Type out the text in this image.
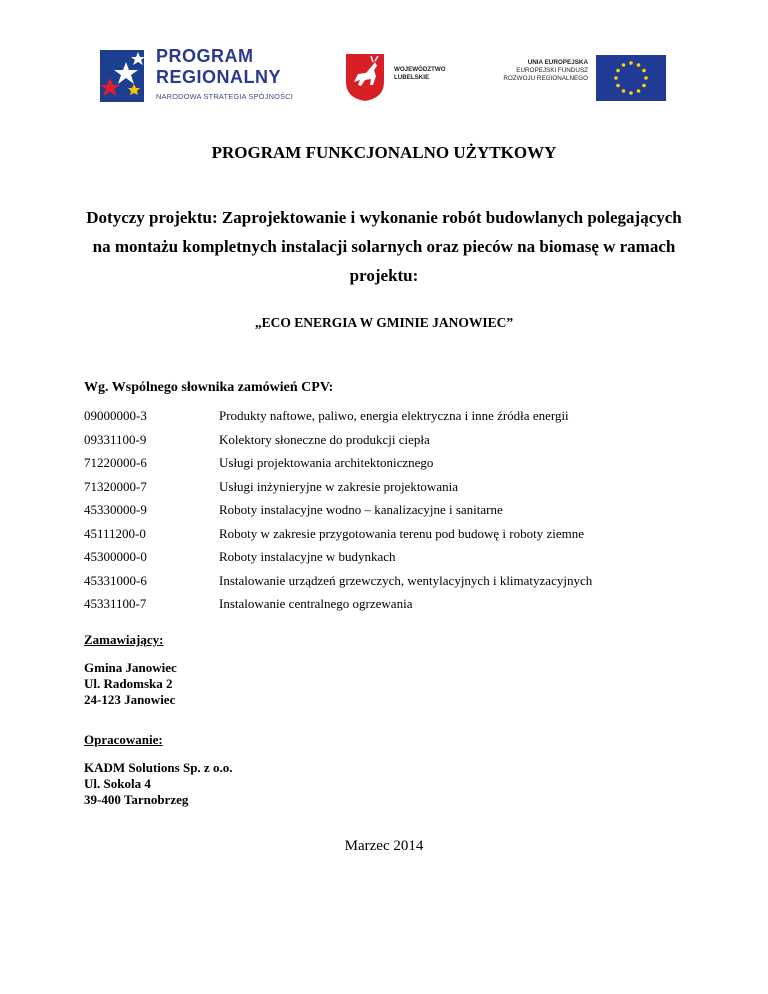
PROGRAM
REGIONALNY
NARODOWA STRATEGIA SPÓJNOŚCI
WOJEWÓDZTWO
LUBELSKIE
UNIA EUROPEJSKA
EUROPEJSKI FUNDUSZ
ROZWOJU REGIONALNEGO
PROGRAM FUNKCJONALNO UŻYTKOWY
Dotyczy projektu: Zaprojektowanie i wykonanie robót budowlanych polegających na montażu kompletnych instalacji solarnych oraz pieców na biomasę w ramach projektu:
„ECO ENERGIA W GMINIE JANOWIEC”
Wg. Wspólnego słownika zamówień CPV:
09000000-3	Produkty naftowe, paliwo, energia elektryczna i inne źródła energii
09331100-9	Kolektory słoneczne do produkcji ciepła
71220000-6	Usługi projektowania architektonicznego
71320000-7	Usługi inżynieryjne w zakresie projektowania
45330000-9	Roboty instalacyjne wodno – kanalizacyjne i sanitarne
45111200-0	Roboty w zakresie przygotowania terenu pod budowę i roboty ziemne
45300000-0	Roboty instalacyjne w budynkach
45331000-6	Instalowanie urządzeń grzewczych, wentylacyjnych i klimatyzacyjnych
45331100-7	Instalowanie centralnego ogrzewania
Zamawiający:
Gmina Janowiec
Ul. Radomska 2
24-123 Janowiec
Opracowanie:
KADM Solutions Sp. z o.o.
Ul. Sokola 4
39-400 Tarnobrzeg
Marzec 2014
